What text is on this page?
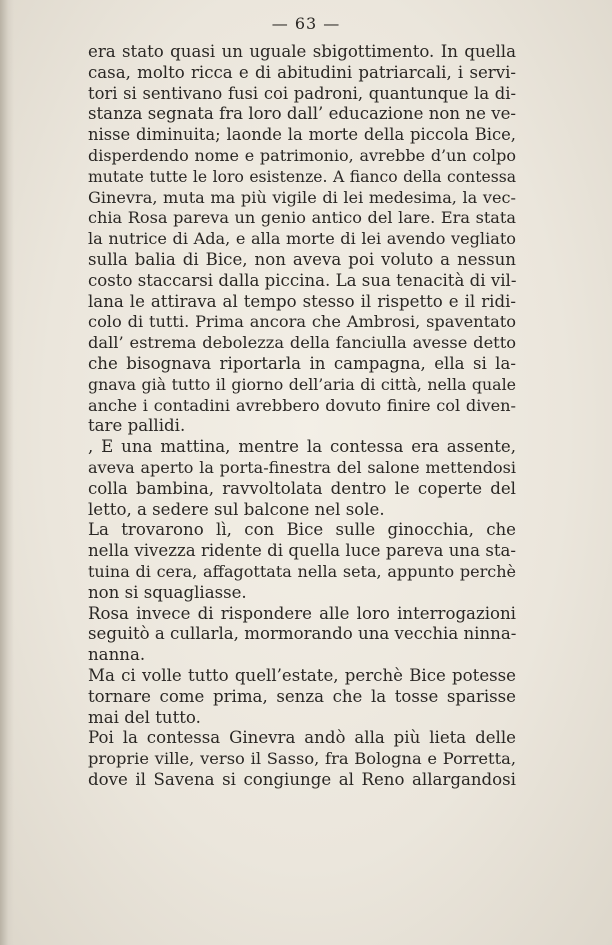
— 63 —
era stato quasi un uguale sbigottimento. In quella
casa, molto ricca e di abitudini patriarcali, i servi-
tori si sentivano fusi coi padroni, quantunque la di-
stanza segnata fra loro dall’ educazione non ne ve-
nisse diminuita; laonde la morte della piccola Bice,
disperdendo nome e patrimonio, avrebbe d’un colpo
mutate tutte le loro esistenze. A fianco della contessa
Ginevra, muta ma più vigile di lei medesima, la vec-
chia Rosa pareva un genio antico del lare. Era stata
la nutrice di Ada, e alla morte di lei avendo vegliato
sulla balia di Bice, non aveva poi voluto a nessun
costo staccarsi dalla piccina. La sua tenacità di vil-
lana le attirava al tempo stesso il rispetto e il ridi-
colo di tutti. Prima ancora che Ambrosi, spaventato
dall’ estrema debolezza della fanciulla avesse detto
che bisognava riportarla in campagna, ella si la-
gnava già tutto il giorno dell’aria di città, nella quale
anche i contadini avrebbero dovuto finire col diven-
tare pallidi.
, E una mattina, mentre la contessa era assente,
aveva aperto la porta-finestra del salone mettendosi
colla bambina, ravvoltolata dentro le coperte del
letto, a sedere sul balcone nel sole.
La trovarono lì, con Bice sulle ginocchia, che
nella vivezza ridente di quella luce pareva una sta-
tuina di cera, affagottata nella seta, appunto perchè
non si squagliasse.
Rosa invece di rispondere alle loro interrogazioni
seguitò a cullarla, mormorando una vecchia ninna-
nanna.
Ma ci volle tutto quell’estate, perchè Bice potesse
tornare come prima, senza che la tosse sparisse
mai del tutto.
Poi la contessa Ginevra andò alla più lieta delle
proprie ville, verso il Sasso, fra Bologna e Porretta,
dove il Savena si congiunge al Reno allargandosi
